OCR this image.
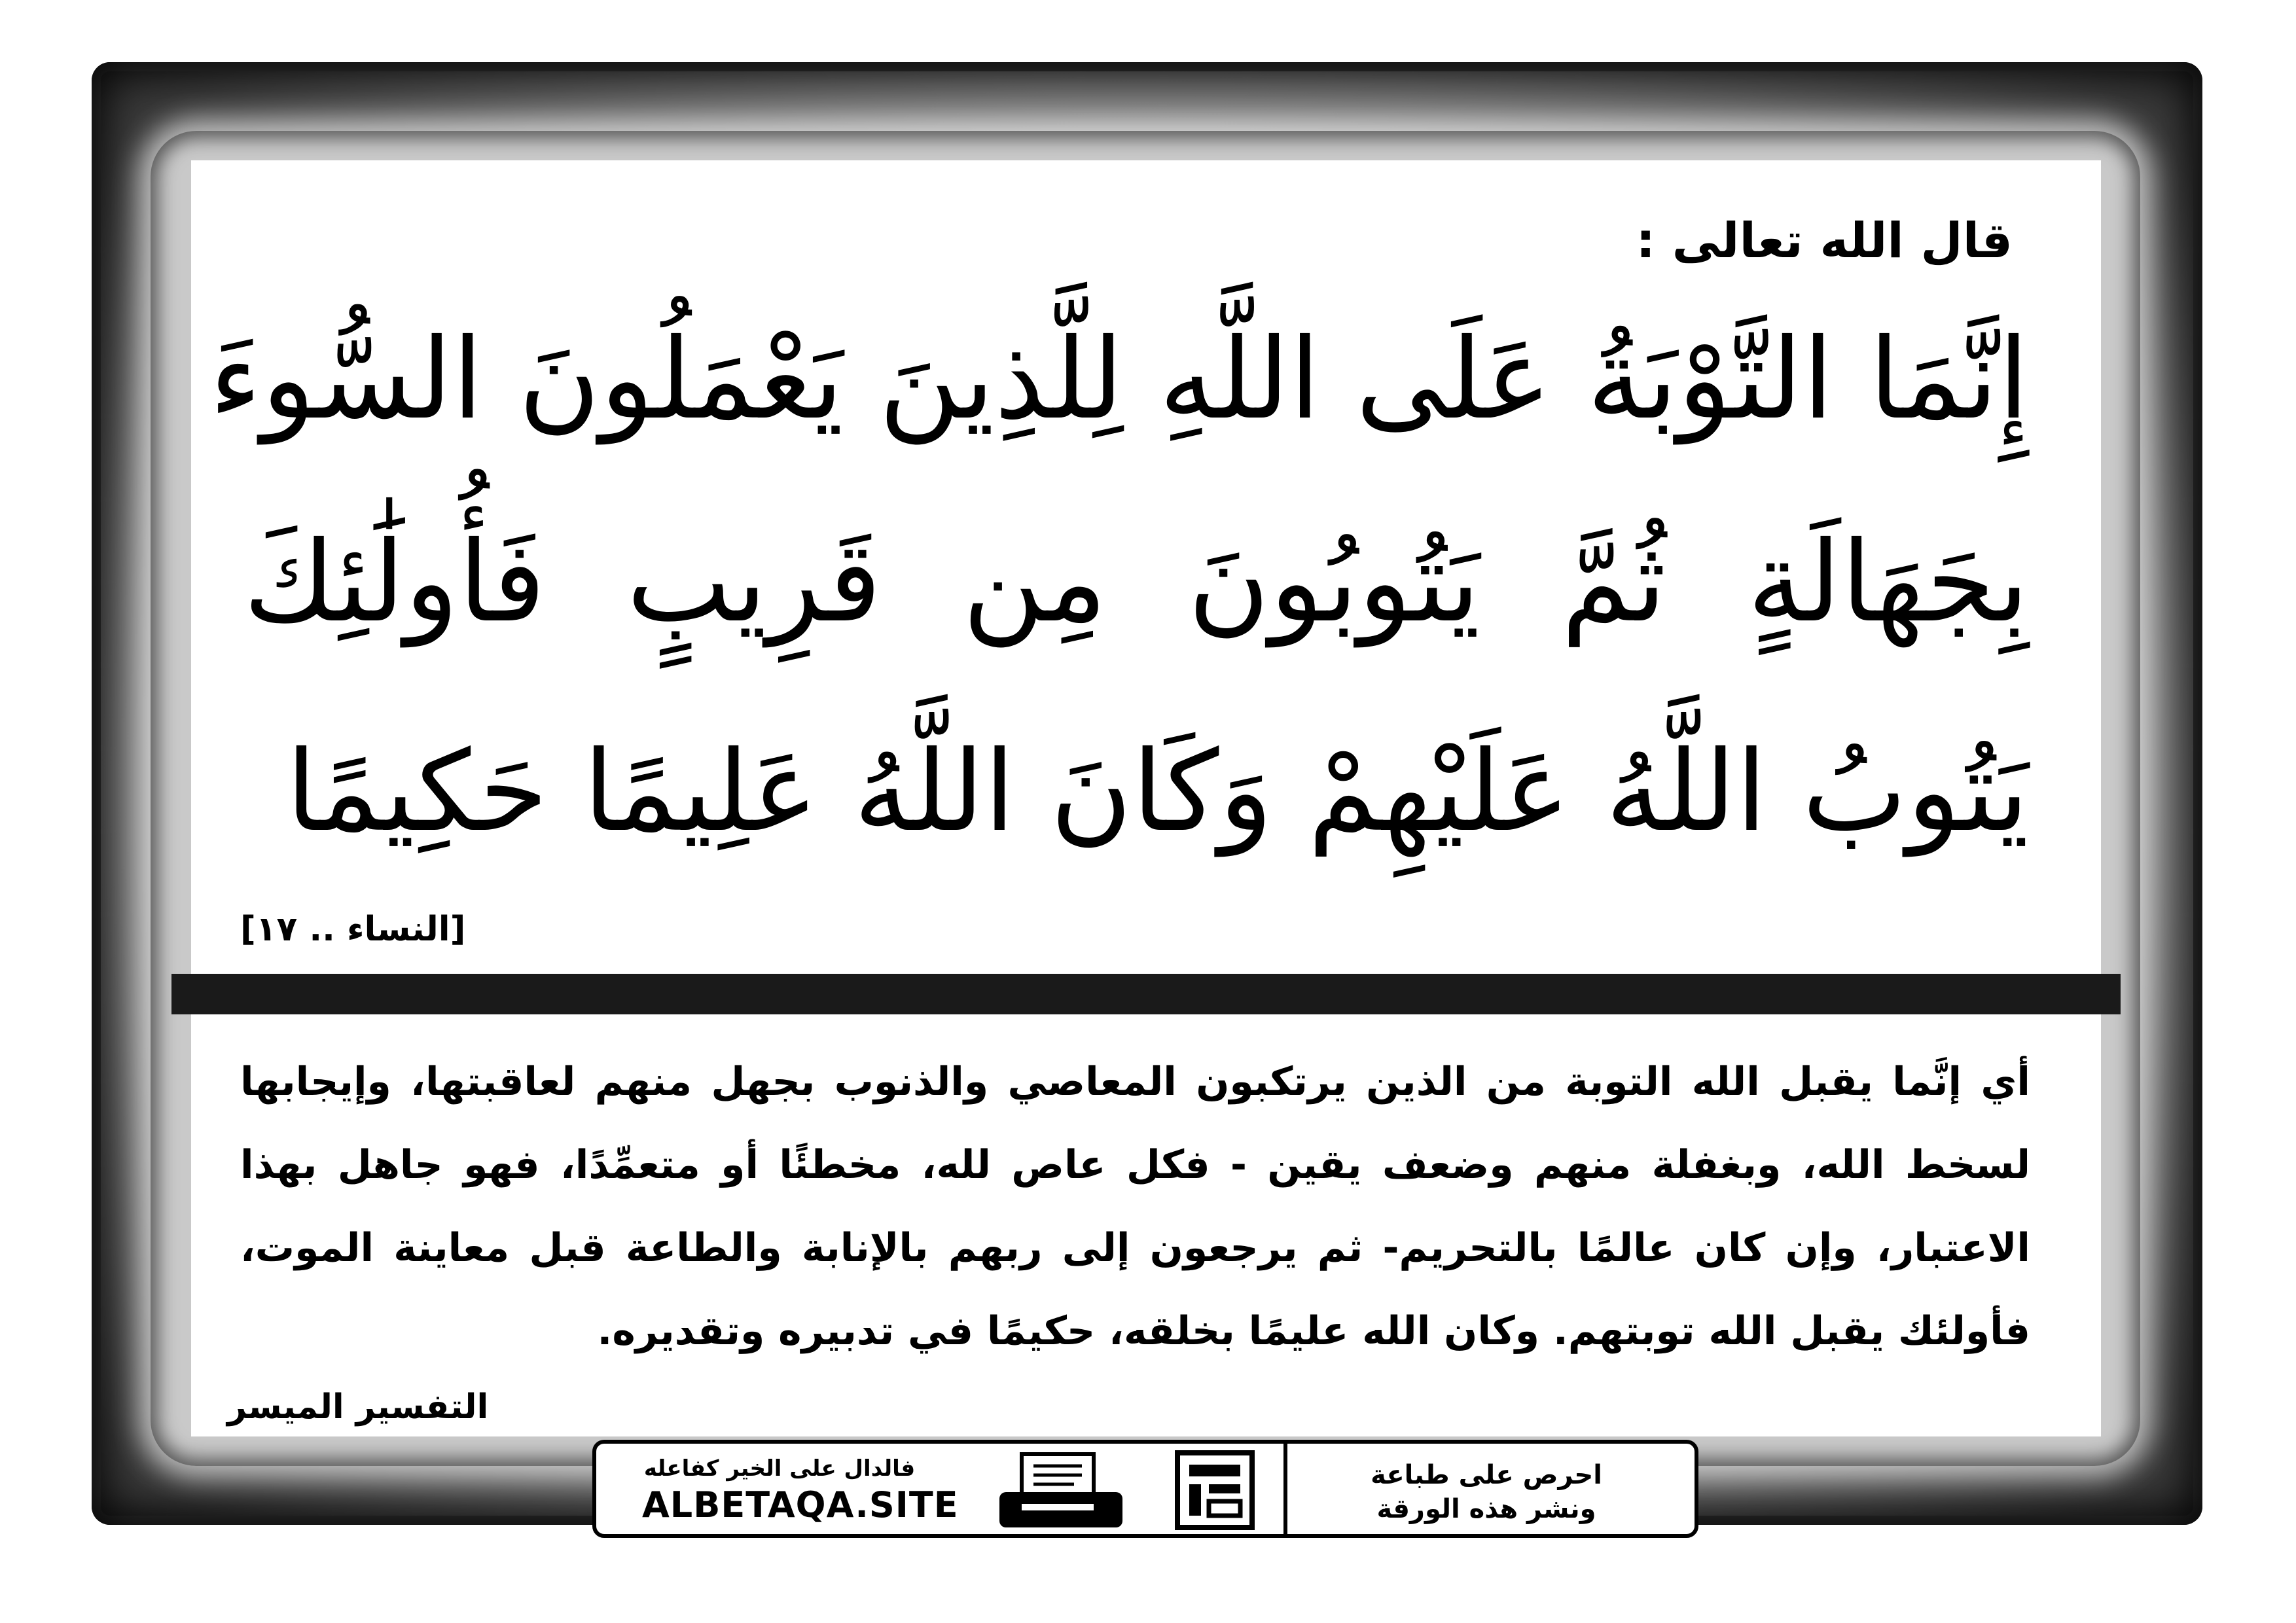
قال الله تعالى :
إِنَّمَا التَّوْبَةُ عَلَى اللَّهِ لِلَّذِينَ يَعْمَلُونَ السُّوءَ
بِجَهَالَةٍ ثُمَّ يَتُوبُونَ مِن قَرِيبٍ فَأُولَٰئِكَ
يَتُوبُ اللَّهُ عَلَيْهِمْ وَكَانَ اللَّهُ عَلِيمًا حَكِيمًا
[النساء .. ١٧]
أي إنَّما يقبل الله التوبة من الذين يرتكبون المعاصي والذنوب بجهل منهم لعاقبتها، وإيجابها
لسخط الله، وبغفلة منهم وضعف يقين - فكل عاص لله، مخطئًا أو متعمِّدًا، فهو جاهل بهذا
الاعتبار، وإن كان عالمًا بالتحريم- ثم يرجعون إلى ربهم بالإنابة والطاعة قبل معاينة الموت،
فأولئك يقبل الله توبتهم. وكان الله عليمًا بخلقه، حكيمًا في تدبيره وتقديره.
التفسير الميسر
فالدال على الخير كفاعله
ALBETAQA.SITE
دعوة الورقة
احرص على طباعة
ونشر هذه الورقة
